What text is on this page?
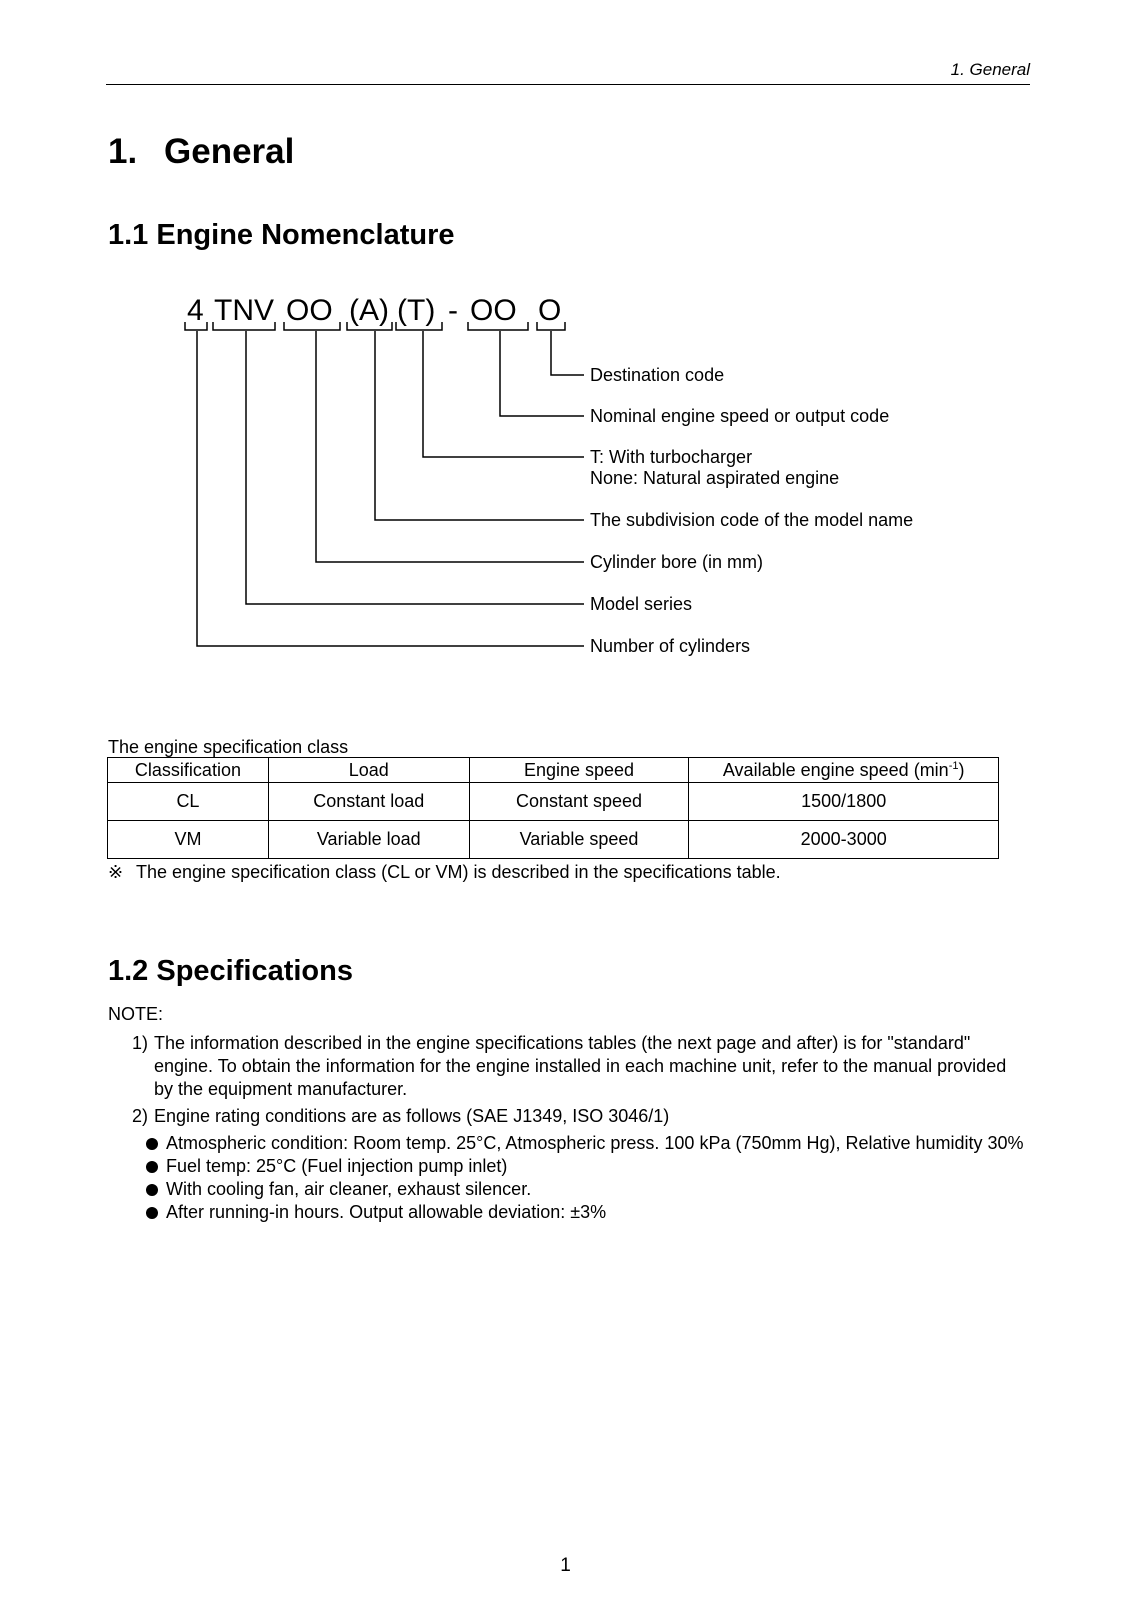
1. General
1. General
1.1 Engine Nomenclature
4 TNV OO (A) (T) - OO O
Destination code
Nominal engine speed or output code
T: With turbocharger
None: Natural aspirated engine
The subdivision code of the model name
Cylinder bore (in mm)
Model series
Number of cylinders
The engine specification class
Classification	Load	Engine speed	Available engine speed $(\min^{-1})$
CL	Constant load	Constant speed	1500/1800
VM	Variable load	Variable speed	2000-3000
※ The engine specification class (CL or VM) is described in the specifications table.
1.2 Specifications
NOTE:
1) The information described in the engine specifications tables (the next page and after) is for "standard" engine. To obtain the information for the engine installed in each machine unit, refer to the manual provided by the equipment manufacturer.
2) Engine rating conditions are as follows (SAE J1349, ISO 3046/1)
Atmospheric condition: Room temp. 25°C, Atmospheric press. 100 kPa (750mm Hg), Relative humidity 30%
Fuel temp: 25°C (Fuel injection pump inlet)
With cooling fan, air cleaner, exhaust silencer.
After running-in hours. Output allowable deviation: ±3%
1
